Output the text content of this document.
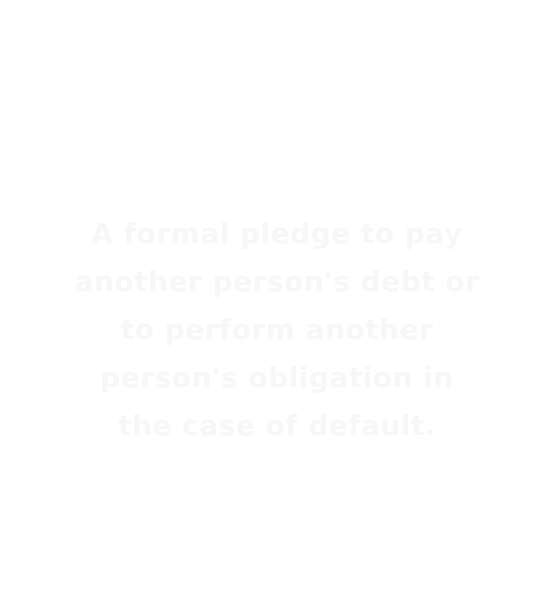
A formal pledge to pay another person's debt or to perform another person's obligation in the case of default.
